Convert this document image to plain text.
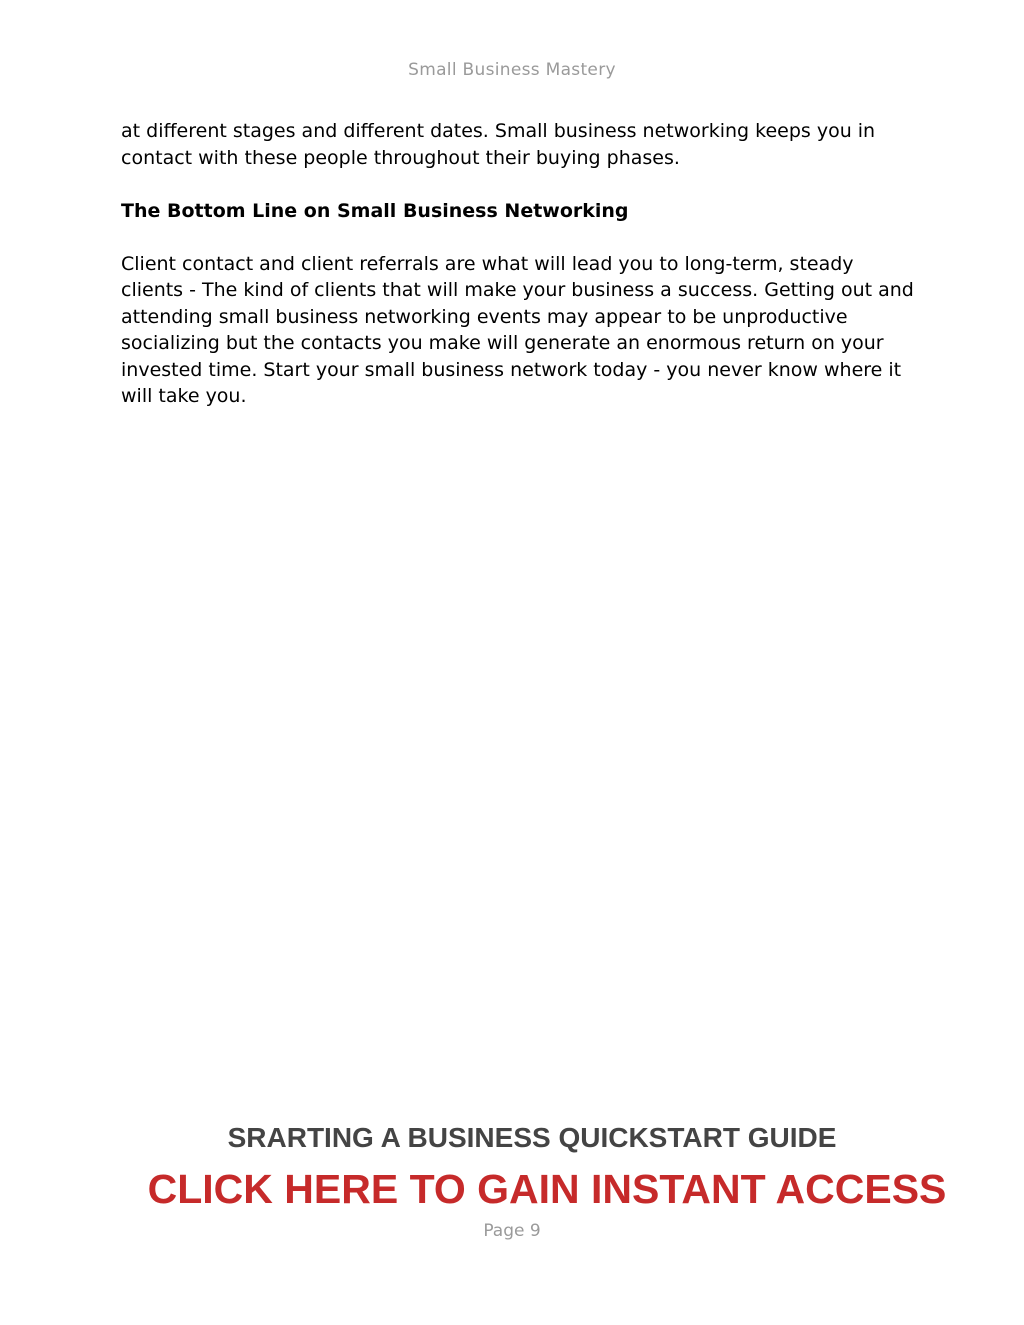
Small Business Mastery

at different stages and different dates. Small business networking keeps you in contact with these people throughout their buying phases.

The Bottom Line on Small Business Networking

Client contact and client referrals are what will lead you to long-term, steady clients - The kind of clients that will make your business a success. Getting out and attending small business networking events may appear to be unproductive socializing but the contacts you make will generate an enormous return on your invested time. Start your small business network today - you never know where it will take you.

SRARTING A BUSINESS QUICKSTART GUIDE
CLICK HERE TO GAIN INSTANT ACCESS
Page 9
